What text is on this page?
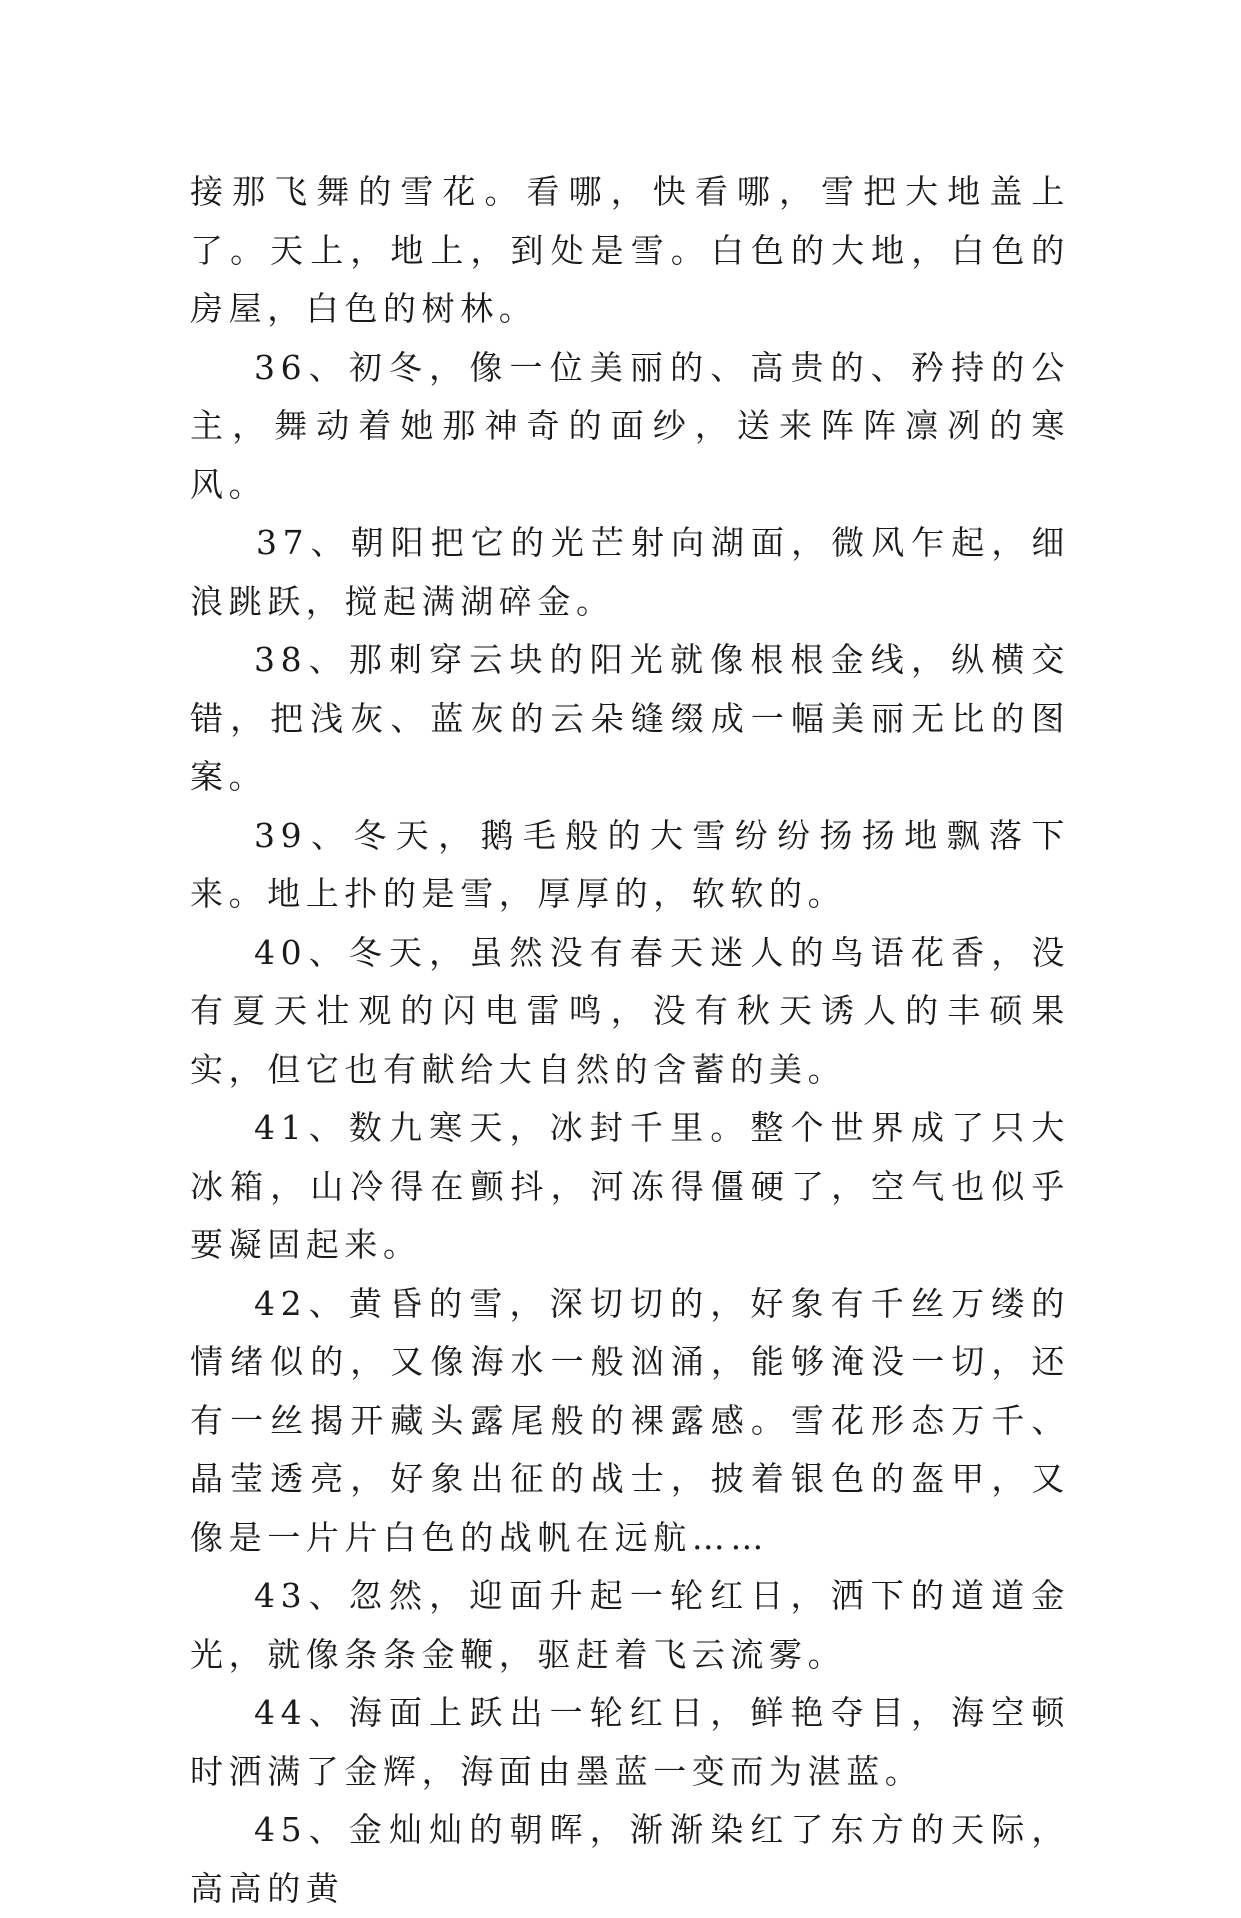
接那飞舞的雪花。看哪，快看哪，雪把大地盖上了。天上，地上，到处是雪。白色的大地，白色的房屋，白色的树林。

36、初冬，像一位美丽的、高贵的、矜持的公主，舞动着她那神奇的面纱，送来阵阵凛冽的寒风。

37、朝阳把它的光芒射向湖面，微风乍起，细浪跳跃，搅起满湖碎金。

38、那刺穿云块的阳光就像根根金线，纵横交错，把浅灰、蓝灰的云朵缝缀成一幅美丽无比的图案。

39、冬天，鹅毛般的大雪纷纷扬扬地飘落下来。地上扑的是雪，厚厚的，软软的。

40、冬天，虽然没有春天迷人的鸟语花香，没有夏天壮观的闪电雷鸣，没有秋天诱人的丰硕果实，但它也有献给大自然的含蓄的美。

41、数九寒天，冰封千里。整个世界成了只大冰箱，山冷得在颤抖，河冻得僵硬了，空气也似乎要凝固起来。

42、黄昏的雪，深切切的，好象有千丝万缕的情绪似的，又像海水一般汹涌，能够淹没一切，还有一丝揭开藏头露尾般的裸露感。雪花形态万千、晶莹透亮，好象出征的战士，披着银色的盔甲，又像是一片片白色的战帆在远航……

43、忽然，迎面升起一轮红日，洒下的道道金光，就像条条金鞭，驱赶着飞云流雾。

44、海面上跃出一轮红日，鲜艳夺目，海空顿时洒满了金辉，海面由墨蓝一变而为湛蓝。

45、金灿灿的朝晖，渐渐染红了东方的天际，高高的黄
